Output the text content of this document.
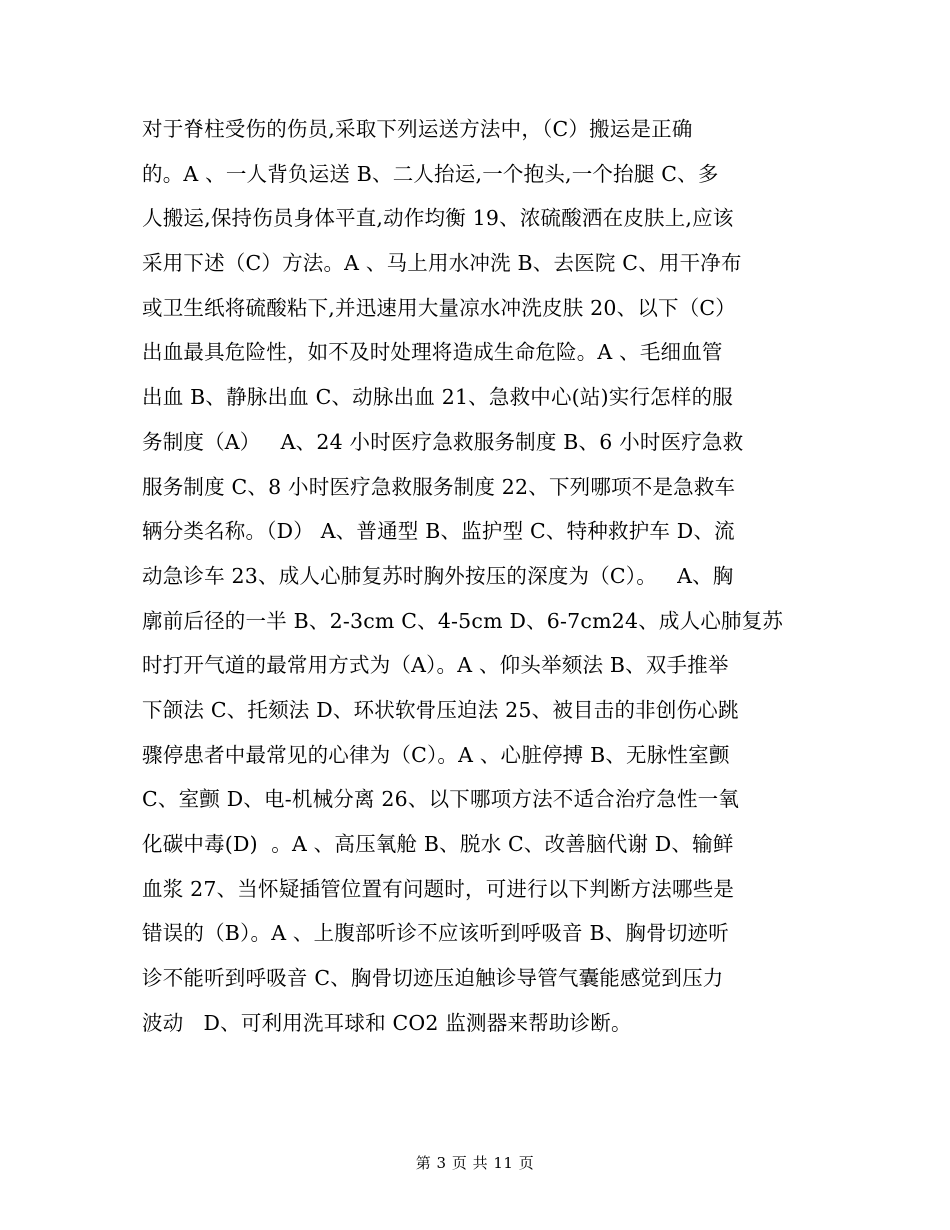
对于脊柱受伤的伤员,采取下列运送方法中，（C）搬运是正确
的。A 、一人背负运送 B、二人抬运,一个抱头,一个抬腿 C、多
人搬运,保持伤员身体平直,动作均衡 19、浓硫酸洒在皮肤上,应该
采用下述（C）方法。A 、马上用水冲洗 B、去医院 C、用干净布
或卫生纸将硫酸粘下,并迅速用大量凉水冲洗皮肤 20、以下（C）
出血最具危险性，如不及时处理将造成生命危险。A 、毛细血管
出血 B、静脉出血 C、动脉出血 21、急救中心(站)实行怎样的服
务制度（A）   A、24 小时医疗急救服务制度 B、6 小时医疗急救
服务制度 C、8 小时医疗急救服务制度 22、下列哪项不是急救车
辆分类名称。（D） A、普通型 B、监护型 C、特种救护车 D、流
动急诊车 23、成人心肺复苏时胸外按压的深度为（C）。   A、胸
廓前后径的一半 B、2-3cm C、4-5cm D、6-7cm24、成人心肺复苏
时打开气道的最常用方式为（A）。A 、仰头举颏法 B、双手推举
下颌法 C、托颏法 D、环状软骨压迫法 25、被目击的非创伤心跳
骤停患者中最常见的心律为（C）。A 、心脏停搏 B、无脉性室颤
C、室颤 D、电-机械分离 26、以下哪项方法不适合治疗急性一氧
化碳中毒(D)  。A 、高压氧舱 B、脱水 C、改善脑代谢 D、输鲜
血浆 27、当怀疑插管位置有问题时，可进行以下判断方法哪些是
错误的（B）。A 、上腹部听诊不应该听到呼吸音 B、胸骨切迹听
诊不能听到呼吸音 C、胸骨切迹压迫触诊导管气囊能感觉到压力
波动   D、可利用洗耳球和 CO2 监测器来帮助诊断。
第 3 页 共 11 页
